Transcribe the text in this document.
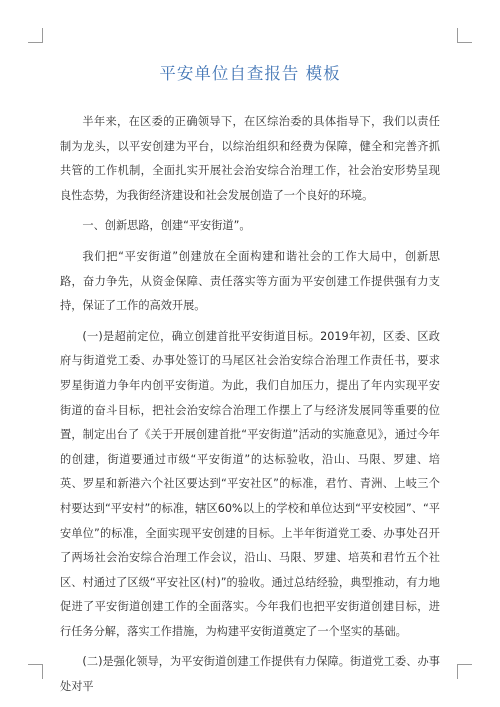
平安单位自查报告 模板

半年来，在区委的正确领导下，在区综治委的具体指导下，我们以责任制为龙头，以平安创建为平台，以综治组织和经费为保障，健全和完善齐抓共管的工作机制，全面扎实开展社会治安综合治理工作，社会治安形势呈现良性态势，为我街经济建设和社会发展创造了一个良好的环境。

一、创新思路，创建“平安街道”。

我们把“平安街道”创建放在全面构建和谐社会的工作大局中，创新思路，奋力争先，从资金保障、责任落实等方面为平安创建工作提供强有力支持，保证了工作的高效开展。

(一)是超前定位，确立创建首批平安街道目标。2019年初，区委、区政府与街道党工委、办事处签订的马尾区社会治安综合治理工作责任书，要求罗星街道力争年内创平安街道。为此，我们自加压力，提出了年内实现平安街道的奋斗目标，把社会治安综合治理工作摆上了与经济发展同等重要的位置，制定出台了《关于开展创建首批“平安街道”活动的实施意见》，通过今年的创建，街道要通过市级“平安街道”的达标验收，沿山、马限、罗建、培英、罗星和新港六个社区要达到“平安社区”的标准，君竹、青洲、上岐三个村要达到“平安村”的标准，辖区60%以上的学校和单位达到“平安校园”、“平安单位”的标准，全面实现平安创建的目标。上半年街道党工委、办事处召开了两场社会治安综合治理工作会议，沿山、马限、罗建、培英和君竹五个社区、村通过了区级“平安社区(村)”的验收。通过总结经验，典型推动，有力地促进了平安街道创建工作的全面落实。今年我们也把平安街道创建目标，进行任务分解，落实工作措施，为构建平安街道奠定了一个坚实的基础。

(二)是强化领导，为平安街道创建工作提供有力保障。街道党工委、办事处对平
